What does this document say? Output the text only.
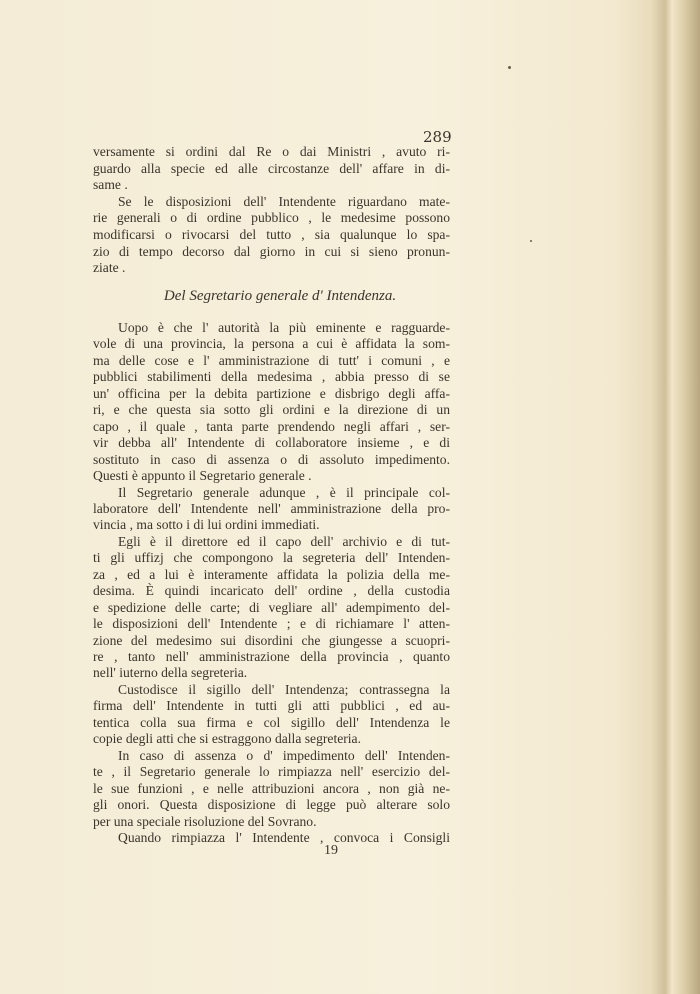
289
versamente si ordini dal Re o dai Ministri , avuto ri-
guardo alla specie ed alle circostanze dell' affare in di-
same .
Se le disposizioni dell' Intendente riguardano mate-
rie generali o di ordine pubblico , le medesime possono
modificarsi o rivocarsi del tutto , sia qualunque lo spa-
zio di tempo decorso dal giorno in cui si sieno pronun-
ziate .
Del Segretario generale d' Intendenza.
Uopo è che l' autorità la più eminente e ragguarde-
vole di una provincia, la persona a cui è affidata la som-
ma delle cose e l' amministrazione di tutt' i comuni , e
pubblici stabilimenti della medesima , abbia presso di se
un' officina per la debita partizione e disbrigo degli affa-
ri, e che questa sia sotto gli ordini e la direzione di un
capo , il quale , tanta parte prendendo negli affari , ser-
vir debba all' Intendente di collaboratore insieme , e di
sostituto in caso di assenza o di assoluto impedimento.
Questi è appunto il Segretario generale .
Il Segretario generale adunque , è il principale col-
laboratore dell' Intendente nell' amministrazione della pro-
vincia , ma sotto i di lui ordini immediati.
Egli è il direttore ed il capo dell' archivio e di tut-
ti gli uffizj che compongono la segreteria dell' Intenden-
za , ed a lui è interamente affidata la polizia della me-
desima. È quindi incaricato dell' ordine , della custodia
e spedizione delle carte; di vegliare all' adempimento del-
le disposizioni dell' Intendente ; e di richiamare l' atten-
zione del medesimo sui disordini che giungesse a scuopri-
re , tanto nell' amministrazione della provincia , quanto
nell' iuterno della segreteria.
Custodisce il sigillo dell' Intendenza; contrassegna la
firma dell' Intendente in tutti gli atti pubblici , ed au-
tentica colla sua firma e col sigillo dell' Intendenza le
copie degli atti che si estraggono dalla segreteria.
In caso di assenza o d' impedimento dell' Intenden-
te , il Segretario generale lo rimpiazza nell' esercizio del-
le sue funzioni , e nelle attribuzioni ancora , non già ne-
gli onori. Questa disposizione di legge può alterare solo
per una speciale risoluzione del Sovrano.
Quando rimpiazza l' Intendente , convoca i Consigli
19
